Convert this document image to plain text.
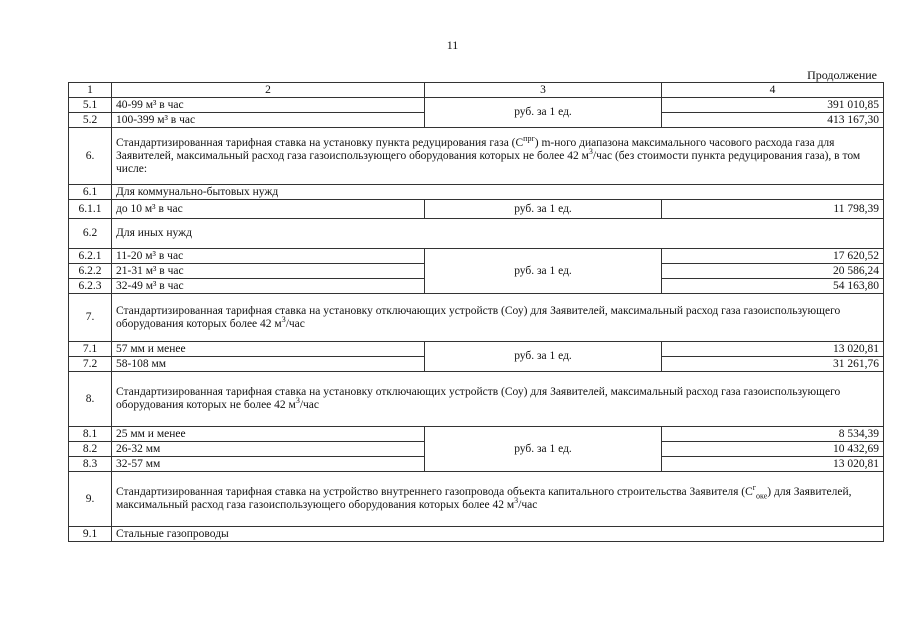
11
Продолжение
1	2	3	4
5.1	40-99 м³ в час	руб. за 1 ед.	391 010,85
5.2	100-399 м³ в час		413 167,30
6.	Стандартизированная тарифная ставка на установку пункта редуцирования газа $(C^{прг})$ m-ного диапазона максимального часового расхода газа для Заявителей, максимальный расход газа газоиспользующего оборудования которых не более 42 $м^3$/час (без стоимости пункта редуцирования газа), в том числе:		
6.1	Для коммунально-бытовых нужд		
6.1.1	до 10 м³ в час	руб. за 1 ед.	11 798,39
6.2	Для иных нужд		
6.2.1	11-20 м³ в час	руб. за 1 ед.	17 620,52
6.2.2	21-31 м³ в час		20 586,24
6.2.3	32-49 м³ в час		54 163,80
7.	Стандартизированная тарифная ставка на установку отключающих устройств (Cоу) для Заявителей, максимальный расход газа газоиспользующего оборудования которых более 42 $м^3$/час		
7.1	57 мм и менее	руб. за 1 ед.	13 020,81
7.2	58-108 мм		31 261,76
8.	Стандартизированная тарифная ставка на установку отключающих устройств (Cоу) для Заявителей, максимальный расход газа газоиспользующего оборудования которых не более 42 $м^3$/час		
8.1	25 мм и менее	руб. за 1 ед.	8 534,39
8.2	26-32 мм		10 432,69
8.3	32-57 мм		13 020,81
9.	Стандартизированная тарифная ставка на устройство внутреннего газопровода объекта капитального строительства Заявителя $(C^г_{оке})$ для Заявителей, максимальный расход газа газоиспользующего оборудования которых более 42 $м^3$/час		
9.1	Стальные газопроводы		
